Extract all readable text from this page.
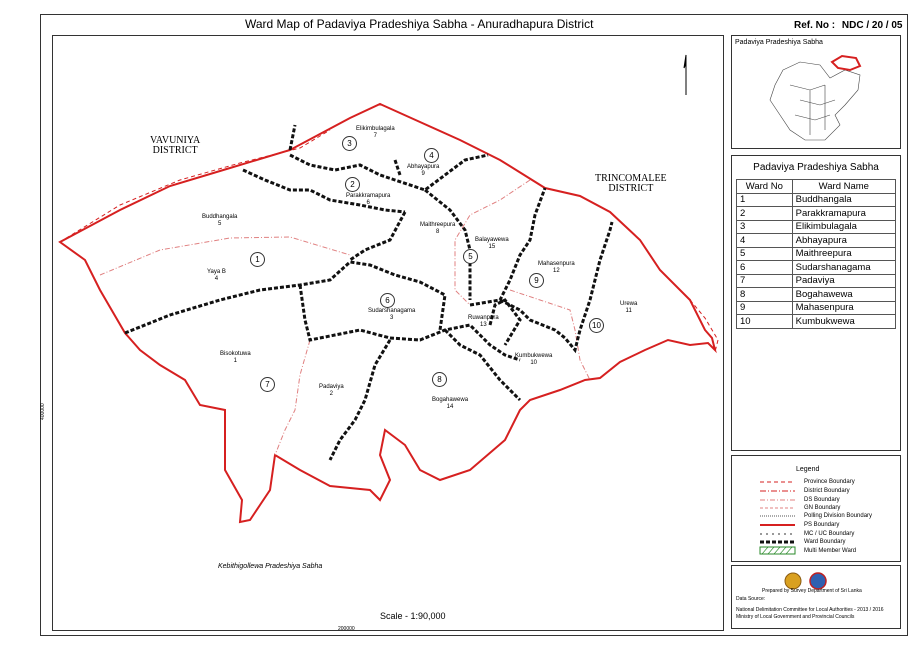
Ward Map of Padaviya Pradeshiya Sabha - Anuradhapura District	Ref. No : NDC / 20 / 05
VAVUNIYA
DISTRICT
TRINCOMALEE
DISTRICT
Elikimbulagala
7
Abhayapura
9
Parakkramapura
6
Buddhangala
5	Maithreepura
8
Balayawewa
15
Mahasenpura
12
Yaya B
4
Sudarshanagama
3	Ruwanpura
13
Urewa
11
Bisokotuwa
1
Kumbukwewa
10
Padaviya
2
Bogahawewa
14
1
2
3
4
5
6
7
8
9
10
Kebithigollewa Pradeshiya Sabha
Scale - 1:90,000
200000
400000
Padaviya Pradeshiya Sabha
Padaviya Pradeshiya Sabha
Ward No	Ward Name
1	Buddhangala
2	Parakkramapura
3	Elikimbulagala
4	Abhayapura
5	Maithreepura
6	Sudarshanagama
7	Padaviya
8	Bogahawewa
9	Mahasenpura
10	Kumbukwewa
Legend
Province Boundary
District Boundary
DS Boundary
GN Boundary
Polling Division Boundary
PS Boundary
MC / UC Boundary
Ward Boundary
Multi Member Ward
Prepared by Survey Department of Sri Lanka
Data Source:
National Delimitation Committee for Local Authorities - 2013 / 2016
Ministry of Local Government and Provincial Councils
